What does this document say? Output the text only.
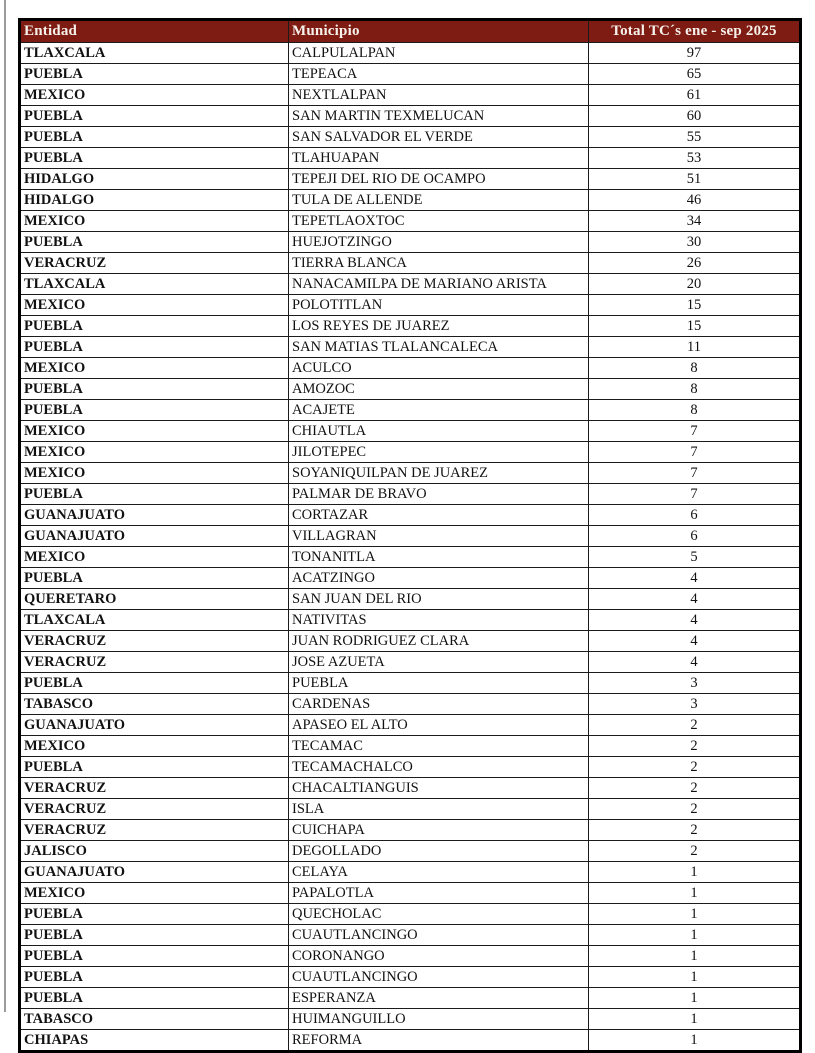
Entidad	Municipio	Total TC´s ene - sep 2025
TLAXCALA	CALPULALPAN	97
PUEBLA	TEPEACA	65
MEXICO	NEXTLALPAN	61
PUEBLA	SAN MARTIN TEXMELUCAN	60
PUEBLA	SAN SALVADOR EL VERDE	55
PUEBLA	TLAHUAPAN	53
HIDALGO	TEPEJI DEL RIO DE OCAMPO	51
HIDALGO	TULA DE ALLENDE	46
MEXICO	TEPETLAOXTOC	34
PUEBLA	HUEJOTZINGO	30
VERACRUZ	TIERRA BLANCA	26
TLAXCALA	NANACAMILPA DE MARIANO ARISTA	20
MEXICO	POLOTITLAN	15
PUEBLA	LOS REYES DE JUAREZ	15
PUEBLA	SAN MATIAS TLALANCALECA	11
MEXICO	ACULCO	8
PUEBLA	AMOZOC	8
PUEBLA	ACAJETE	8
MEXICO	CHIAUTLA	7
MEXICO	JILOTEPEC	7
MEXICO	SOYANIQUILPAN DE JUAREZ	7
PUEBLA	PALMAR DE BRAVO	7
GUANAJUATO	CORTAZAR	6
GUANAJUATO	VILLAGRAN	6
MEXICO	TONANITLA	5
PUEBLA	ACATZINGO	4
QUERETARO	SAN JUAN DEL RIO	4
TLAXCALA	NATIVITAS	4
VERACRUZ	JUAN RODRIGUEZ CLARA	4
VERACRUZ	JOSE AZUETA	4
PUEBLA	PUEBLA	3
TABASCO	CARDENAS	3
GUANAJUATO	APASEO EL ALTO	2
MEXICO	TECAMAC	2
PUEBLA	TECAMACHALCO	2
VERACRUZ	CHACALTIANGUIS	2
VERACRUZ	ISLA	2
VERACRUZ	CUICHAPA	2
JALISCO	DEGOLLADO	2
GUANAJUATO	CELAYA	1
MEXICO	PAPALOTLA	1
PUEBLA	QUECHOLAC	1
PUEBLA	CUAUTLANCINGO	1
PUEBLA	CORONANGO	1
PUEBLA	CUAUTLANCINGO	1
PUEBLA	ESPERANZA	1
TABASCO	HUIMANGUILLO	1
CHIAPAS	REFORMA	1
